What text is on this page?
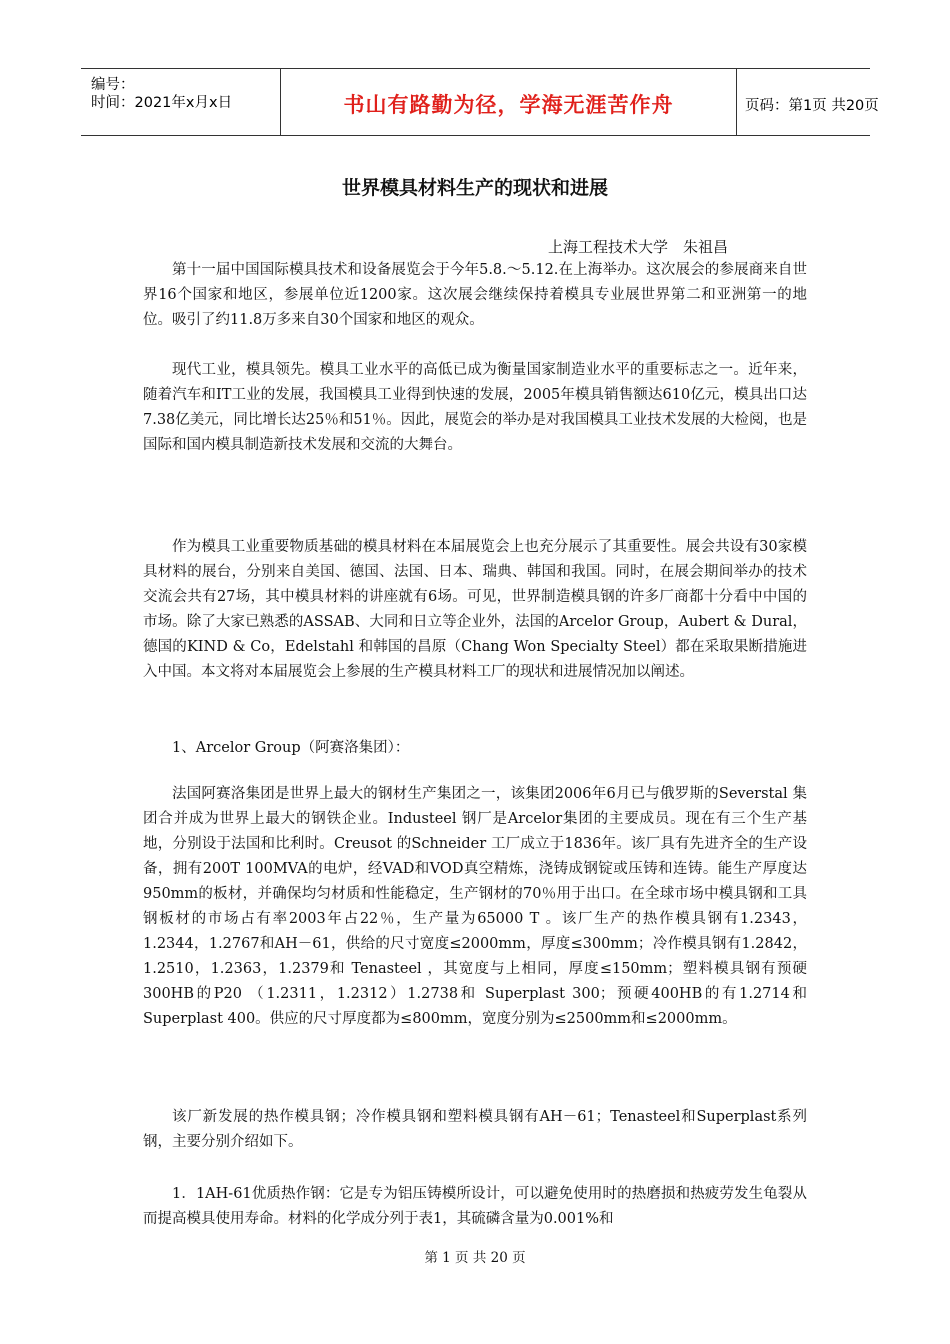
编号：
时间：2021年x月x日	书山有路勤为径，学海无涯苦作舟	页码：第1页 共20页
世界模具材料生产的现状和进展
上海工程技术大学　朱祖昌

第十一届中国国际模具技术和设备展览会于今年5.8.～5.12.在上海举办。这次展会的参展商来自世界16个国家和地区，参展单位近1200家。这次展会继续保持着模具专业展世界第二和亚洲第一的地位。吸引了约11.8万多来自30个国家和地区的观众。

现代工业，模具领先。模具工业水平的高低已成为衡量国家制造业水平的重要标志之一。近年来，随着汽车和IT工业的发展，我国模具工业得到快速的发展，2005年模具销售额达610亿元，模具出口达7.38亿美元，同比增长达25％和51％。因此，展览会的举办是对我国模具工业技术发展的大检阅，也是国际和国内模具制造新技术发展和交流的大舞台。

作为模具工业重要物质基础的模具材料在本届展览会上也充分展示了其重要性。展会共设有30家模具材料的展台，分别来自美国、德国、法国、日本、瑞典、韩国和我国。同时，在展会期间举办的技术交流会共有27场，其中模具材料的讲座就有6场。可见，世界制造模具钢的许多厂商都十分看中中国的市场。除了大家已熟悉的ASSAB、大同和日立等企业外，法国的Arcelor Group，Aubert & Dural，德国的KIND & Co，Edelstahl 和韩国的昌原（Chang Won Specialty Steel）都在采取果断措施进入中国。本文将对本届展览会上参展的生产模具材料工厂的现状和进展情况加以阐述。

1、Arcelor Group（阿赛洛集团）：

法国阿赛洛集团是世界上最大的钢材生产集团之一，该集团2006年6月已与俄罗斯的Severstal 集团合并成为世界上最大的钢铁企业。Industeel 钢厂是Arcelor集团的主要成员。现在有三个生产基地，分别设于法国和比利时。Creusot 的Schneider 工厂成立于1836年。该厂具有先进齐全的生产设备，拥有200T 100MVA的电炉，经VAD和VOD真空精炼，浇铸成钢锭或压铸和连铸。能生产厚度达950mm的板材，并确保均匀材质和性能稳定，生产钢材的70％用于出口。在全球市场中模具钢和工具钢板材的市场占有率2003年占22％，生产量为65000 T 。该厂生产的热作模具钢有1.2343，1.2344，1.2767和AH－61，供给的尺寸宽度≤2000mm，厚度≤300mm；冷作模具钢有1.2842，1.2510，1.2363，1.2379和 Tenasteel ，其宽度与上相同，厚度≤150mm；塑料模具钢有预硬300HB的P20 （1.2311，1.2312）1.2738和 Superplast 300；预硬400HB的有1.2714和Superplast 400。供应的尺寸厚度都为≤800mm，宽度分别为≤2500mm和≤2000mm。

该厂新发展的热作模具钢；冷作模具钢和塑料模具钢有AH－61；Tenasteel和Superplast系列钢，主要分别介绍如下。

1．1AH-61优质热作钢：它是专为铝压铸模所设计，可以避免使用时的热磨损和热疲劳发生龟裂从而提高模具使用寿命。材料的化学成分列于表1，其硫磷含量为0.001%和

第 1 页 共 20 页
